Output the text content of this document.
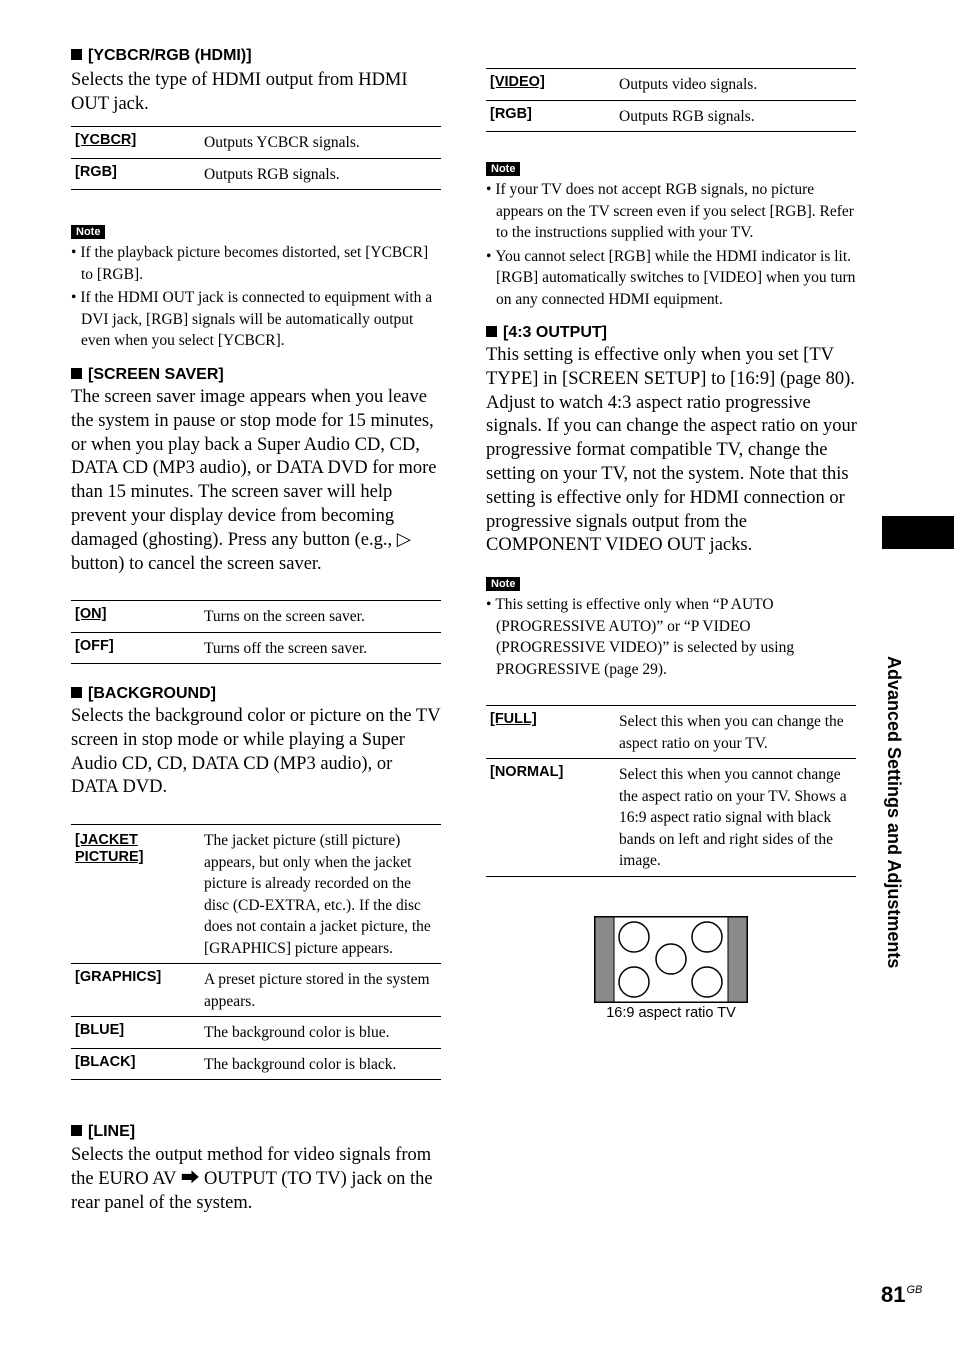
[YCBCR/RGB (HDMI)]
Selects the type of HDMI output from HDMI OUT jack.
[YCBCR]	Outputs YCBCR signals.
[RGB]	Outputs RGB signals.
Note
• If the playback picture becomes distorted, set [YCBCR] to [RGB].
• If the HDMI OUT jack is connected to equipment with a DVI jack, [RGB] signals will be automatically output even when you select [YCBCR].
[SCREEN SAVER]
The screen saver image appears when you leave the system in pause or stop mode for 15 minutes, or when you play back a Super Audio CD, CD, DATA CD (MP3 audio), or DATA DVD for more than 15 minutes. The screen saver will help prevent your display device from becoming damaged (ghosting). Press any button (e.g., ▷ button) to cancel the screen saver.
[ON]	Turns on the screen saver.
[OFF]	Turns off the screen saver.
[BACKGROUND]
Selects the background color or picture on the TV screen in stop mode or while playing a Super Audio CD, CD, DATA CD (MP3 audio), or DATA DVD.
[JACKET PICTURE]	The jacket picture (still picture) appears, but only when the jacket picture is already recorded on the disc (CD-EXTRA, etc.). If the disc does not contain a jacket picture, the [GRAPHICS] picture appears.
[GRAPHICS]	A preset picture stored in the system appears.
[BLUE]	The background color is blue.
[BLACK]	The background color is black.
[LINE]
Selects the output method for video signals from the EURO AV ⮕ OUTPUT (TO TV) jack on the rear panel of the system.
[VIDEO]	Outputs video signals.
[RGB]	Outputs RGB signals.
Note
• If your TV does not accept RGB signals, no picture appears on the TV screen even if you select [RGB]. Refer to the instructions supplied with your TV.
• You cannot select [RGB] while the HDMI indicator is lit. [RGB] automatically switches to [VIDEO] when you turn on any connected HDMI equipment.
[4:3 OUTPUT]
This setting is effective only when you set [TV TYPE] in [SCREEN SETUP] to [16:9] (page 80). Adjust to watch 4:3 aspect ratio progressive signals. If you can change the aspect ratio on your progressive format compatible TV, change the setting on your TV, not the system. Note that this setting is effective only for HDMI connection or progressive signals output from the COMPONENT VIDEO OUT jacks.
Note
• This setting is effective only when “P AUTO (PROGRESSIVE AUTO)” or “P VIDEO (PROGRESSIVE VIDEO)” is selected by using PROGRESSIVE (page 29).
[FULL]	Select this when you can change the aspect ratio on your TV.
[NORMAL]	Select this when you cannot change the aspect ratio on your TV. Shows a 16:9 aspect ratio signal with black bands on left and right sides of the image.
16:9 aspect ratio TV
Advanced Settings and Adjustments
$81^{GB}$
